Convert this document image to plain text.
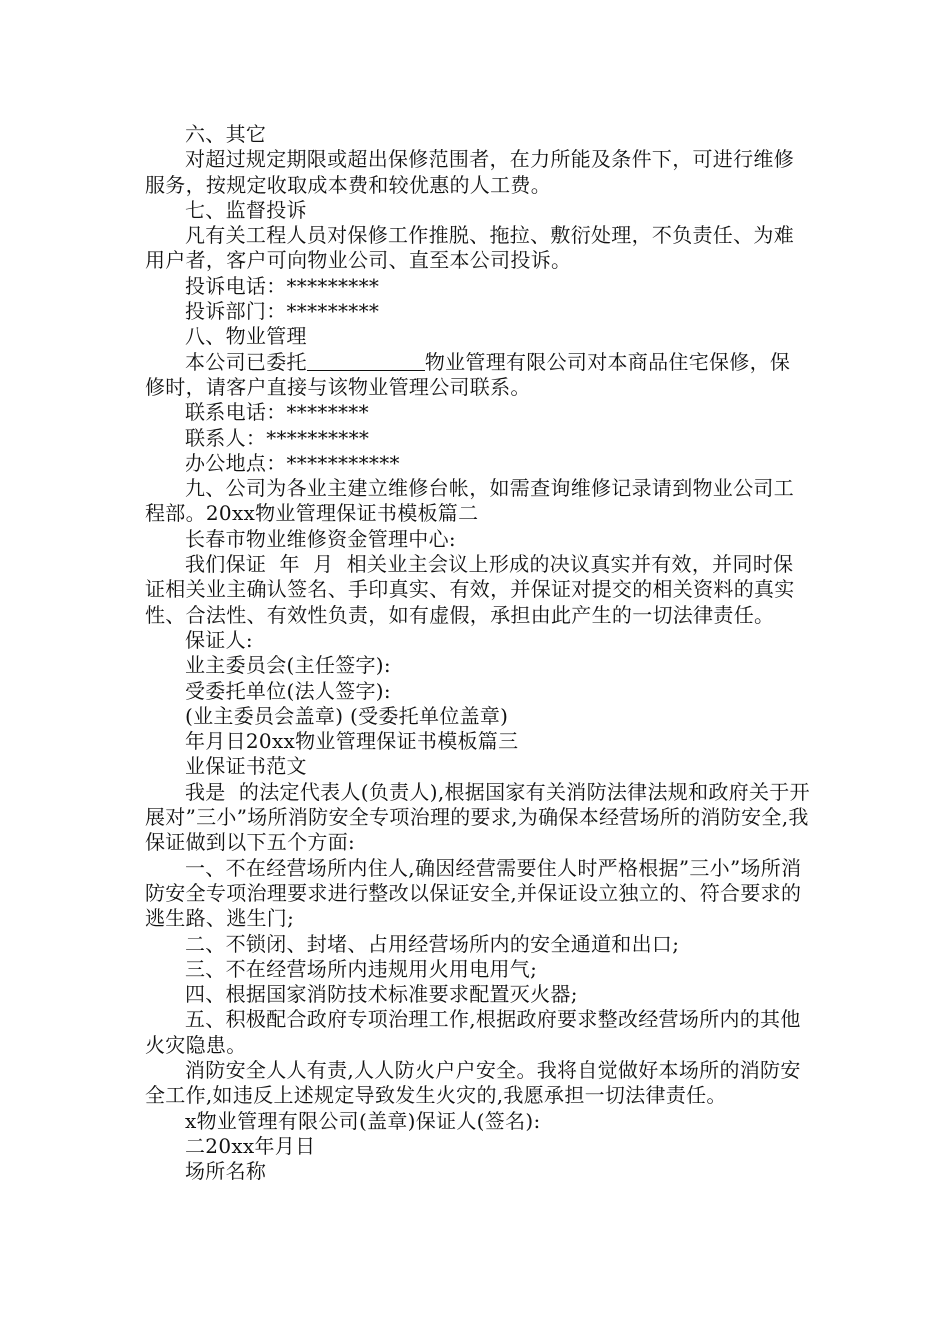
六、其它

对超过规定期限或超出保修范围者，在力所能及条件下，可进行维修服务，按规定收取成本费和较优惠的人工费。

七、监督投诉

凡有关工程人员对保修工作推脱、拖拉、敷衍处理，不负责任、为难用户者，客户可向物业公司、直至本公司投诉。

投诉电话：*********

投诉部门：*********

八、物业管理

本公司已委托	物业管理有限公司对本商品住宅保修，保修时，请客户直接与该物业管理公司联系。

联系电话：********

联系人：**********

办公地点：***********

九、公司为各业主建立维修台帐，如需查询维修记录请到物业公司工程部。20xx物业管理保证书模板篇二

长春市物业维修资金管理中心:

我们保证  年  月  相关业主会议上形成的决议真实并有效，并同时保证相关业主确认签名、手印真实、有效，并保证对提交的相关资料的真实性、合法性、有效性负责，如有虚假，承担由此产生的一切法律责任。

保证人:

业主委员会(主任签字):

受委托单位(法人签字):

(业主委员会盖章) (受委托单位盖章)

年月日20xx物业管理保证书模板篇三

业保证书范文

我是  的法定代表人(负责人),根据国家有关消防法律法规和政府关于开展对”三小”场所消防安全专项治理的要求,为确保本经营场所的消防安全,我保证做到以下五个方面:

一、不在经营场所内住人,确因经营需要住人时严格根据”三小”场所消防安全专项治理要求进行整改以保证安全,并保证设立独立的、符合要求的逃生路、逃生门;

二、不锁闭、封堵、占用经营场所内的安全通道和出口;

三、不在经营场所内违规用火用电用气;

四、根据国家消防技术标准要求配置灭火器;

五、积极配合政府专项治理工作,根据政府要求整改经营场所内的其他火灾隐患。

消防安全人人有责,人人防火户户安全。我将自觉做好本场所的消防安全工作,如违反上述规定导致发生火灾的,我愿承担一切法律责任。

x物业管理有限公司(盖章)保证人(签名):

二20xx年月日

场所名称
